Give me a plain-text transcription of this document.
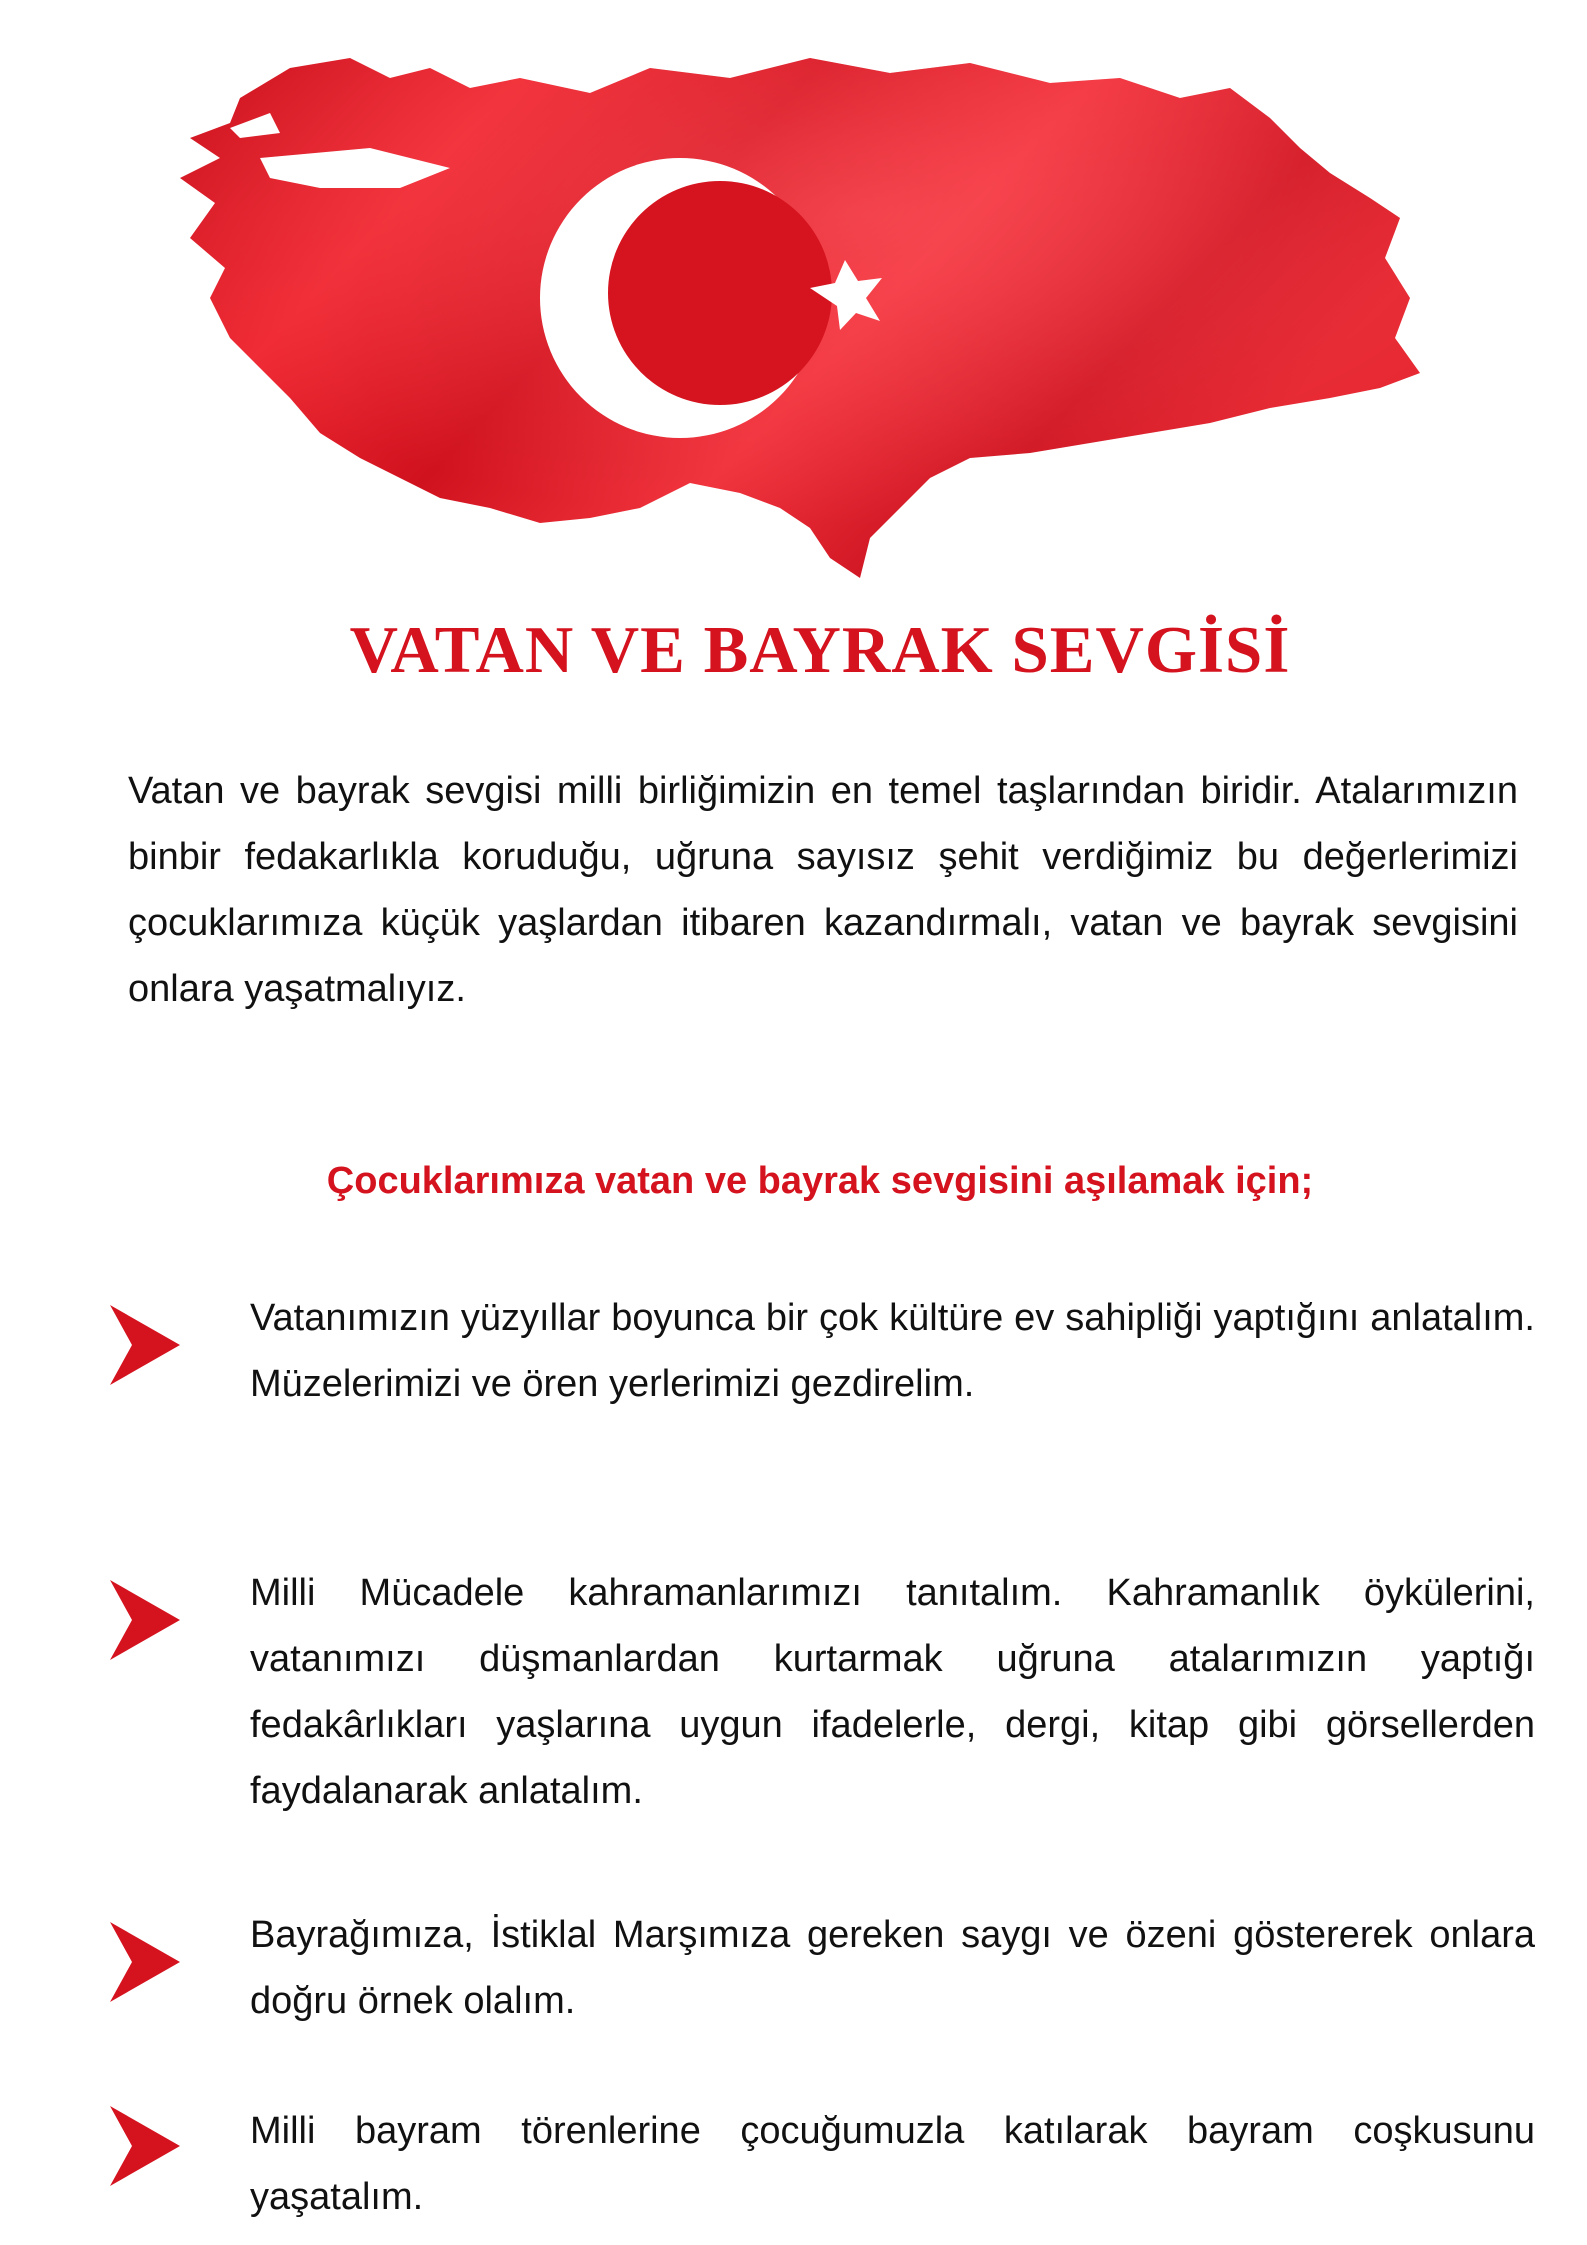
VATAN VE BAYRAK SEVGİSİ

Vatan ve bayrak sevgisi milli birliğimizin en temel taşlarından biridir. Atalarımızın binbir fedakarlıkla koruduğu, uğruna sayısız şehit verdiğimiz bu değerlerimizi çocuklarımıza küçük yaşlardan itibaren kazandırmalı, vatan ve bayrak sevgisini onlara yaşatmalıyız.

Çocuklarımıza vatan ve bayrak sevgisini aşılamak için;

Vatanımızın yüzyıllar boyunca bir çok kültüre ev sahipliği yaptığını anlatalım. Müzelerimizi ve ören yerlerimizi gezdirelim.

Milli Mücadele kahramanlarımızı tanıtalım. Kahramanlık öykülerini, vatanımızı düşmanlardan kurtarmak uğruna atalarımızın yaptığı fedakârlıkları yaşlarına uygun ifadelerle, dergi, kitap gibi görsellerden faydalanarak anlatalım.

Bayrağımıza, İstiklal Marşımıza gereken saygı ve özeni göstererek onlara doğru örnek olalım.

Milli bayram törenlerine çocuğumuzla katılarak bayram coşkusunu yaşatalım.
